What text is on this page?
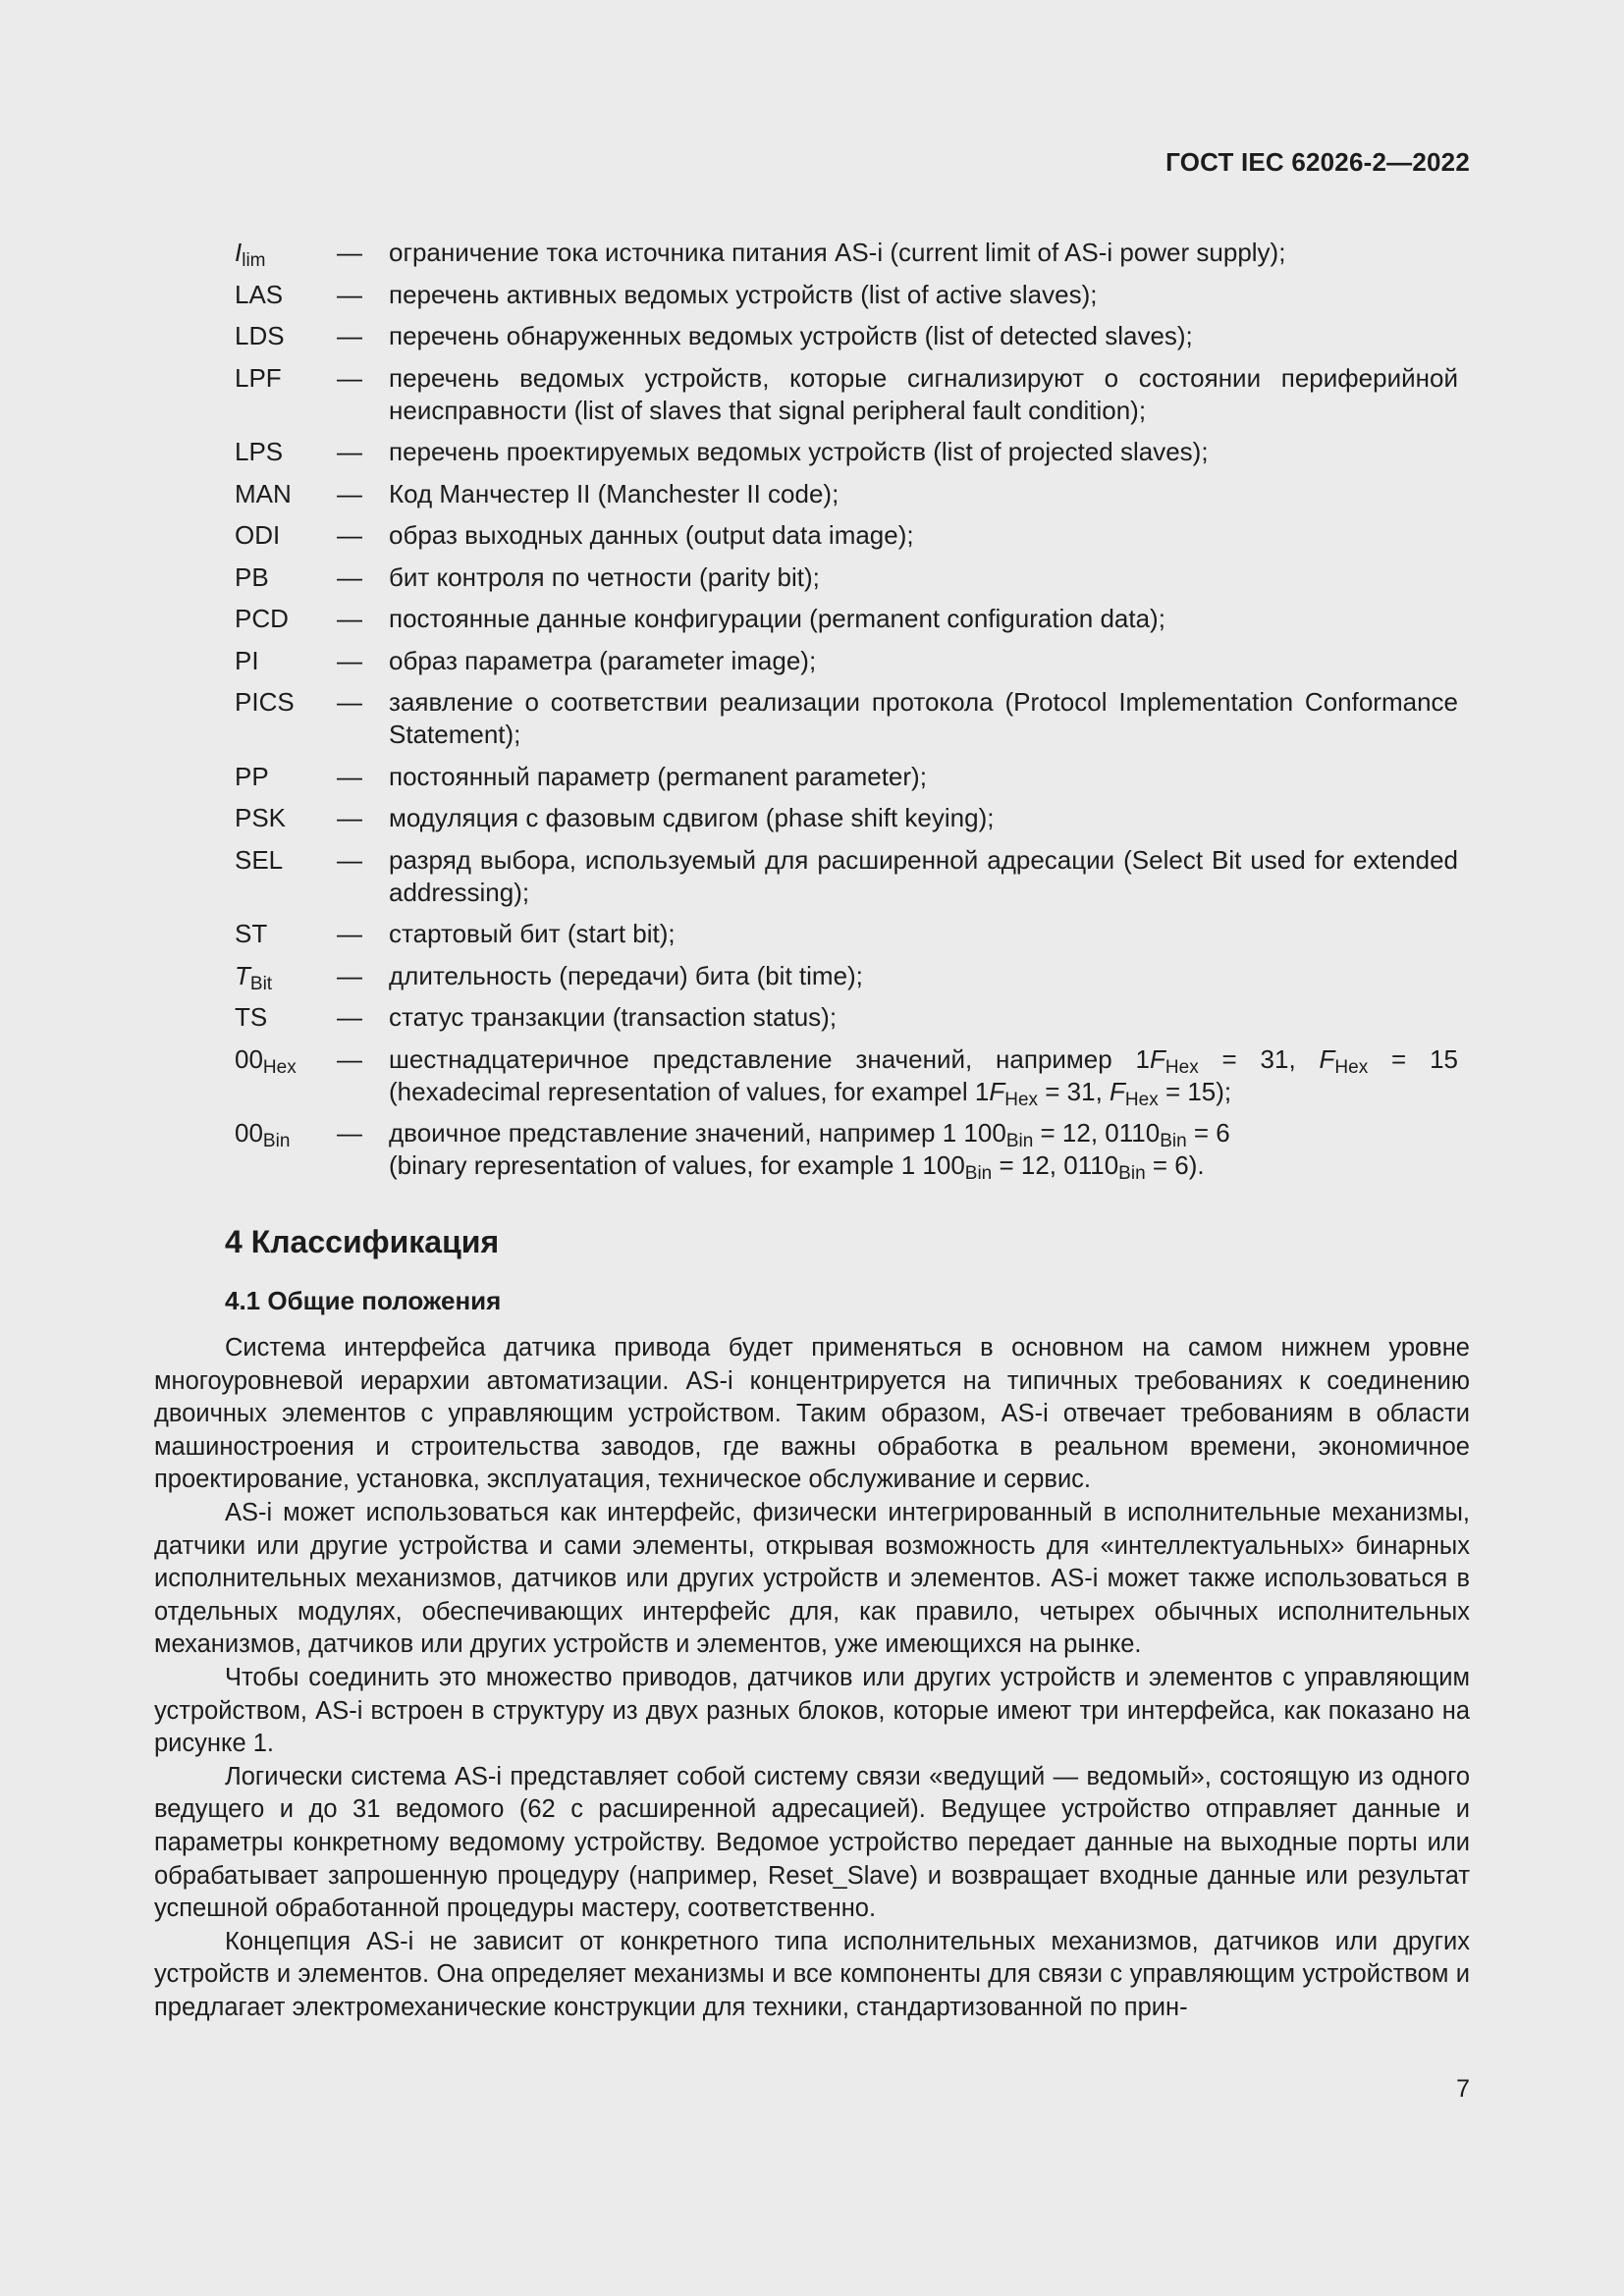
ГОСТ IEC 62026-2—2022
$I_{lim}$	—	ограничение тока источника питания AS-i (current limit of AS-i power supply);
LAS	—	перечень активных ведомых устройств (list of active slaves);
LDS	—	перечень обнаруженных ведомых устройств (list of detected slaves);
LPF	—	перечень ведомых устройств, которые сигнализируют о состоянии периферийной неисправности (list of slaves that signal peripheral fault condition);
LPS	—	перечень проектируемых ведомых устройств (list of projected slaves);
MAN	—	Код Манчестер II (Manchester II code);
ODI	—	образ выходных данных (output data image);
PB	—	бит контроля по четности (parity bit);
PCD	—	постоянные данные конфигурации (permanent configuration data);
PI	—	образ параметра (parameter image);
PICS	—	заявление о соответствии реализации протокола (Protocol Implementation Conformance Statement);
PP	—	постоянный параметр (permanent parameter);
PSK	—	модуляция с фазовым сдвигом (phase shift keying);
SEL	—	разряд выбора, используемый для расширенной адресации (Select Bit used for extended addressing);
ST	—	стартовый бит (start bit);
$T_{Bit}$	—	длительность (передачи) бита (bit time);
TS	—	статус транзакции (transaction status);
$00_{Hex}$	—	шестнадцатеричное представление значений, например $1F_{Hex} = 31$, $F_{Hex} = 15$ (hexadecimal representation of values, for exampel $1F_{Hex} = 31$, $F_{Hex} = 15$);
$00_{Bin}$	—	двоичное представление значений, например 1 $100_{Bin} = 12$, $0110_{Bin} = 6$
(binary representation of values, for example 1 $100_{Bin} = 12$, $0110_{Bin} = 6$).
4 Классификация
4.1 Общие положения

Система интерфейса датчика привода будет применяться в основном на самом нижнем уровне многоуровневой иерархии автоматизации. AS-i концентрируется на типичных требованиях к соединению двоичных элементов с управляющим устройством. Таким образом, AS-i отвечает требованиям в области машиностроения и строительства заводов, где важны обработка в реальном времени, экономичное проектирование, установка, эксплуатация, техническое обслуживание и сервис.

AS-i может использоваться как интерфейс, физически интегрированный в исполнительные механизмы, датчики или другие устройства и сами элементы, открывая возможность для «интеллектуальных» бинарных исполнительных механизмов, датчиков или других устройств и элементов. AS-i может также использоваться в отдельных модулях, обеспечивающих интерфейс для, как правило, четырех обычных исполнительных механизмов, датчиков или других устройств и элементов, уже имеющихся на рынке.

Чтобы соединить это множество приводов, датчиков или других устройств и элементов с управляющим устройством, AS-i встроен в структуру из двух разных блоков, которые имеют три интерфейса, как показано на рисунке 1.

Логически система AS-i представляет собой систему связи «ведущий — ведомый», состоящую из одного ведущего и до 31 ведомого (62 с расширенной адресацией). Ведущее устройство отправляет данные и параметры конкретному ведомому устройству. Ведомое устройство передает данные на выходные порты или обрабатывает запрошенную процедуру (например, Reset_Slave) и возвращает входные данные или результат успешной обработанной процедуры мастеру, соответственно.

Концепция AS-i не зависит от конкретного типа исполнительных механизмов, датчиков или других устройств и элементов. Она определяет механизмы и все компоненты для связи с управляющим устройством и предлагает электромеханические конструкции для техники, стандартизованной по прин-

7
